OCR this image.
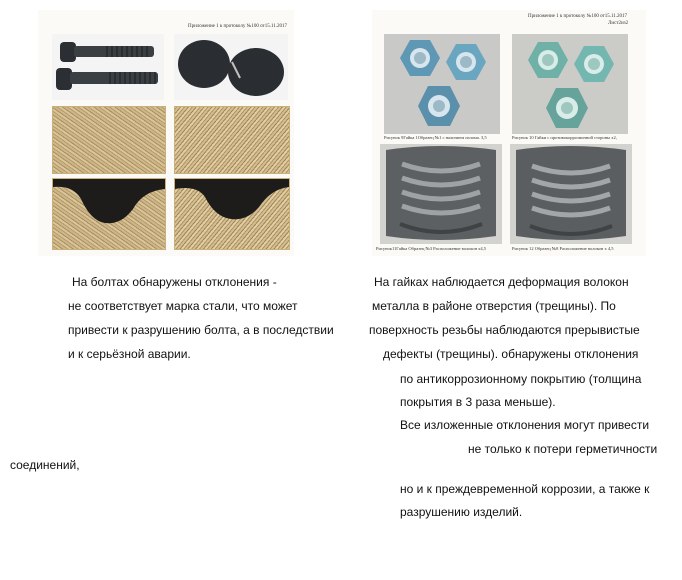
Приложение 1 к протоколу №100 от15.11.2017
Приложение 1 к протоколу №100 от15.11.2017
Лист2из2
Рисунок 9Гайка 1Образец №1 с наличием излома. 3,5	Рисунок 10 Гайки с противокоррозионной стороны х2,
Рисунок11Гайка Образец №3 Расположение волокон х4,5	Рисунок 12 Образец №8 Расположение волокон х 4,5
На болтах обнаружены отклонения -
не соответствует марка стали, что может
привести к разрушению болта, а в последствии
и к серьёзной аварии.
На гайках наблюдается деформация волокон
металла в районе отверстия (трещины). По
поверхность резьбы наблюдаются прерывистые
дефекты (трещины). обнаружены отклонения
по антикоррозионному покрытию (толщина
покрытия в 3 раза меньше).
Все изложенные отклонения могут привести
не только к потери герметичности
соединений,
но и к преждевременной коррозии, а также к
разрушению изделий.
